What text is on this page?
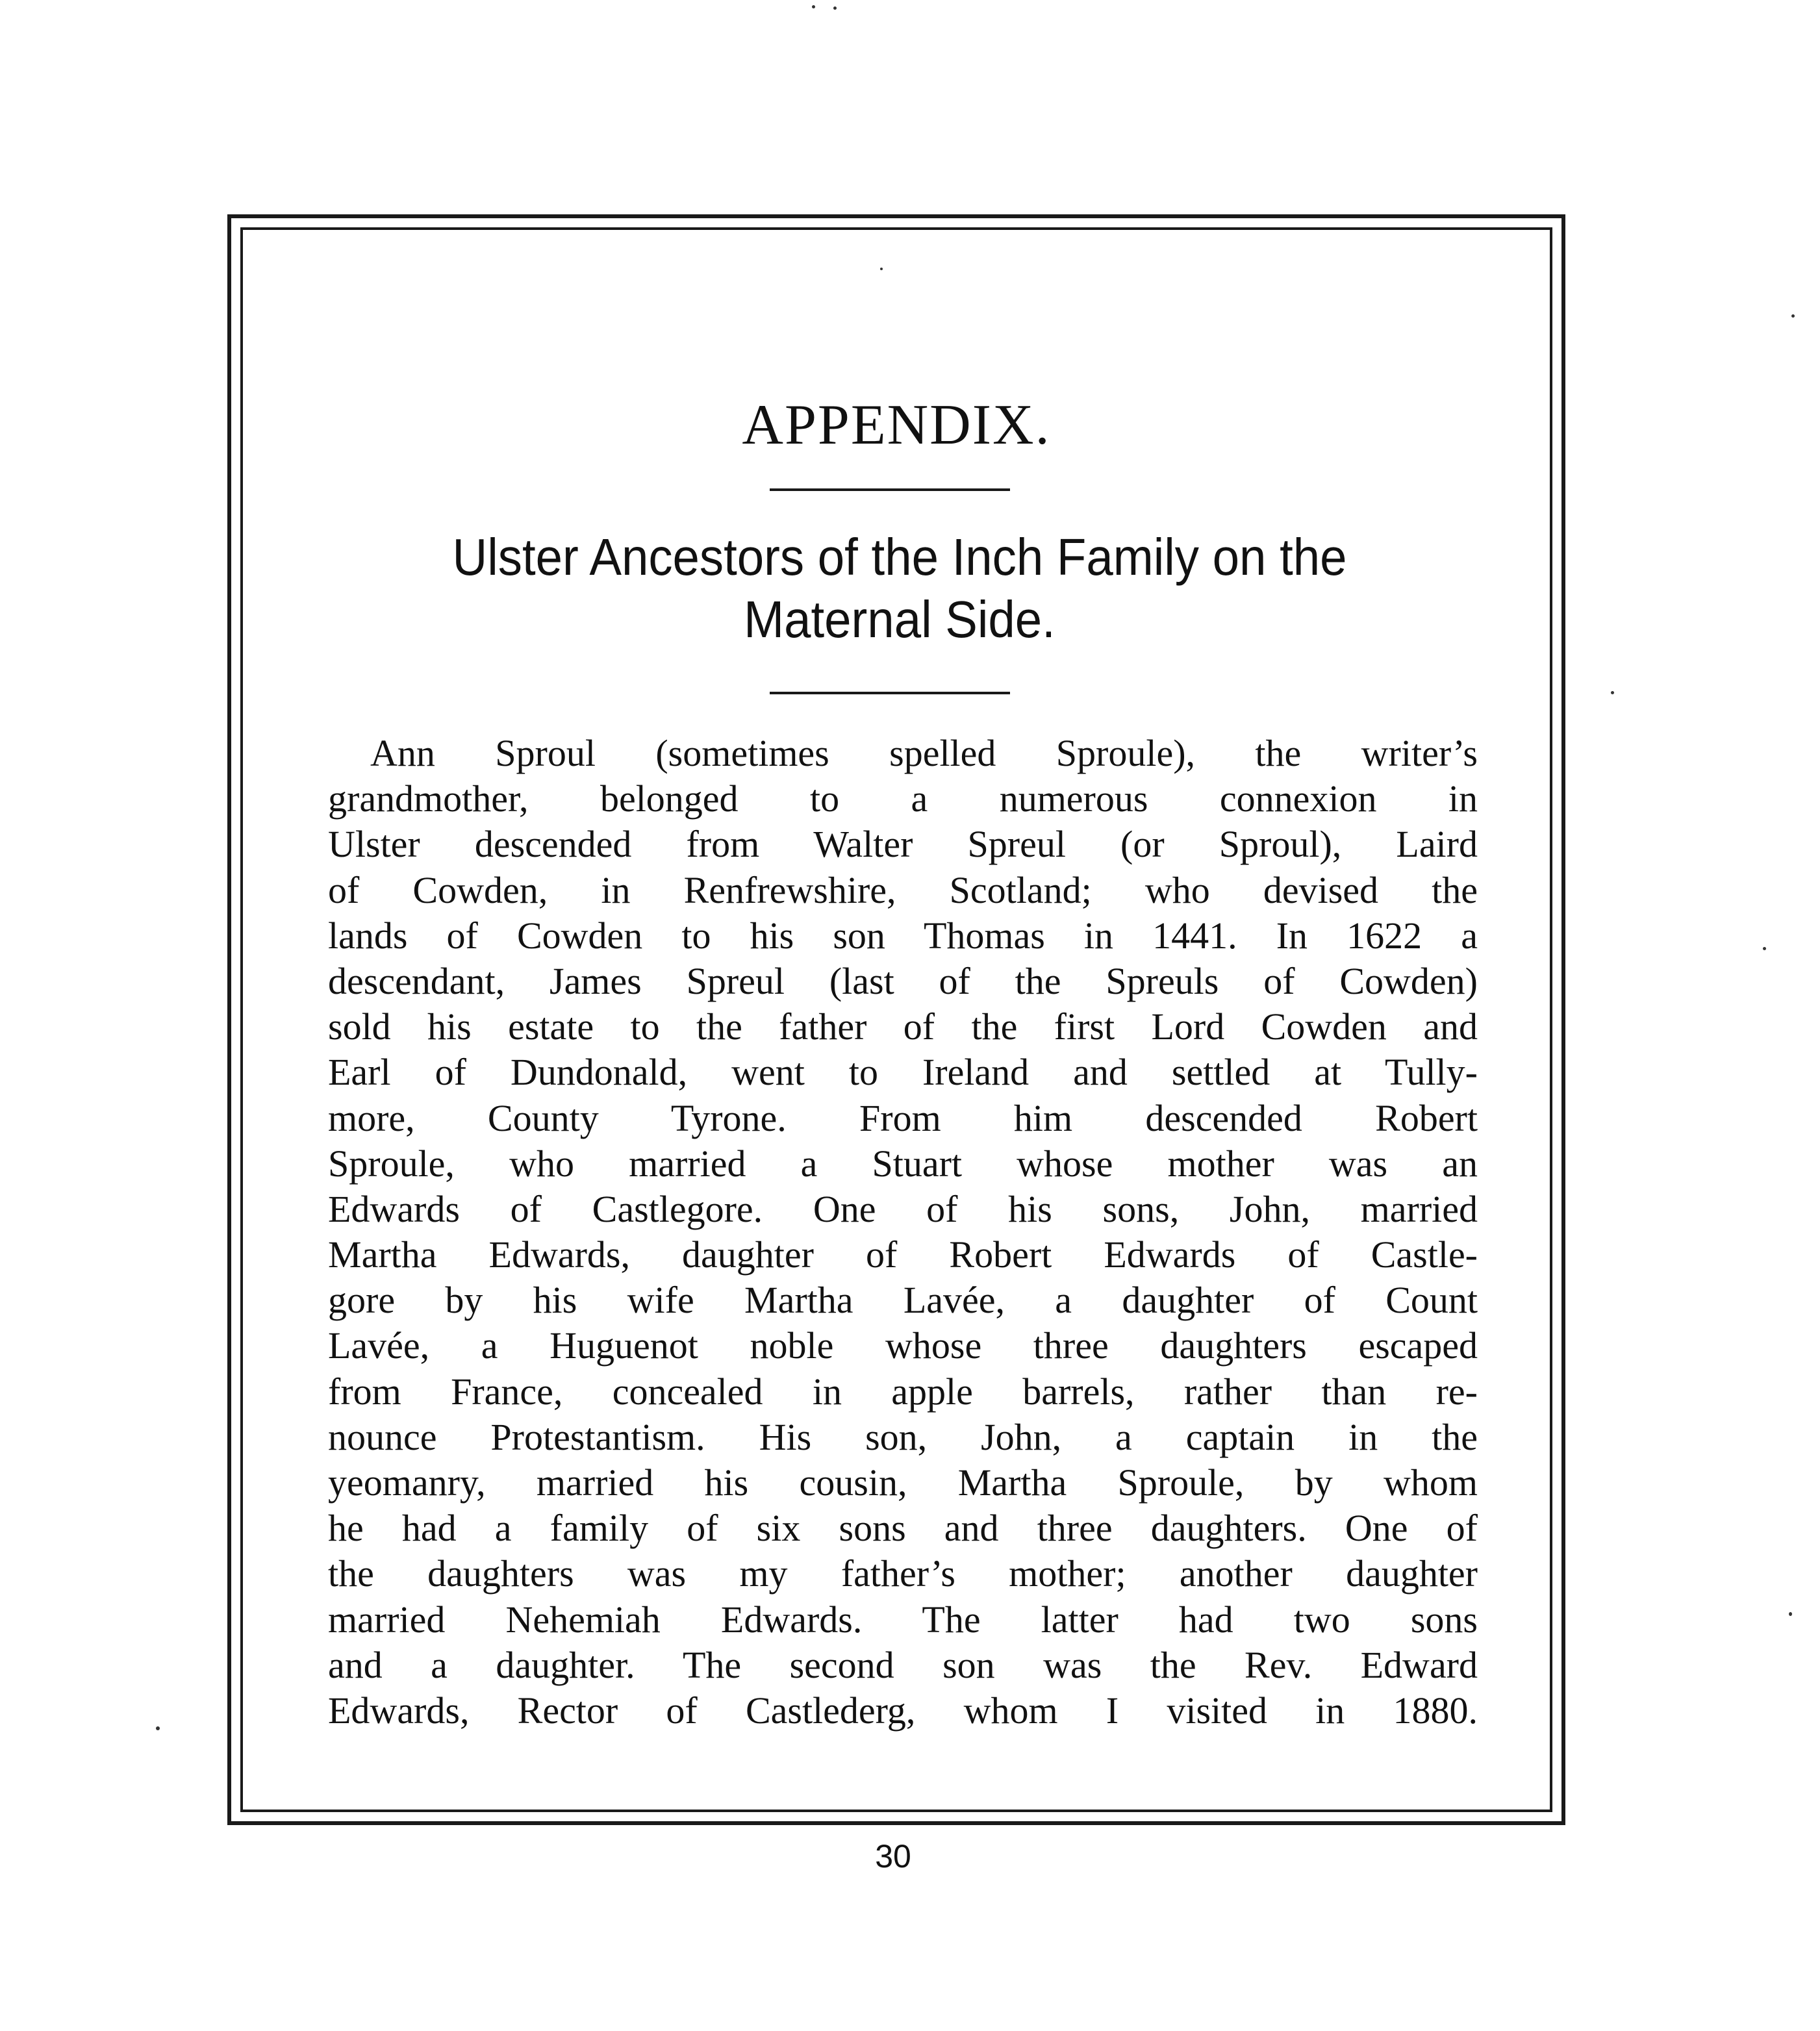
APPENDIX.
Ulster Ancestors of the Inch Family on the
Maternal Side.
Ann Sproul (sometimes spelled Sproule), the writer’s
grandmother, belonged to a numerous connexion in
Ulster descended from Walter Spreul (or Sproul), Laird
of Cowden, in Renfrewshire, Scotland; who devised the
lands of Cowden to his son Thomas in 1441. In 1622 a
descendant, James Spreul (last of the Spreuls of Cowden)
sold his estate to the father of the first Lord Cowden and
Earl of Dundonald, went to Ireland and settled at Tully-
more, County Tyrone. From him descended Robert
Sproule, who married a Stuart whose mother was an
Edwards of Castlegore. One of his sons, John, married
Martha Edwards, daughter of Robert Edwards of Castle-
gore by his wife Martha Lavée, a daughter of Count
Lavée, a Huguenot noble whose three daughters escaped
from France, concealed in apple barrels, rather than re-
nounce Protestantism. His son, John, a captain in the
yeomanry, married his cousin, Martha Sproule, by whom
he had a family of six sons and three daughters. One of
the daughters was my father’s mother; another daughter
married Nehemiah Edwards. The latter had two sons
and a daughter. The second son was the Rev. Edward
Edwards, Rector of Castlederg, whom I visited in 1880.
30
